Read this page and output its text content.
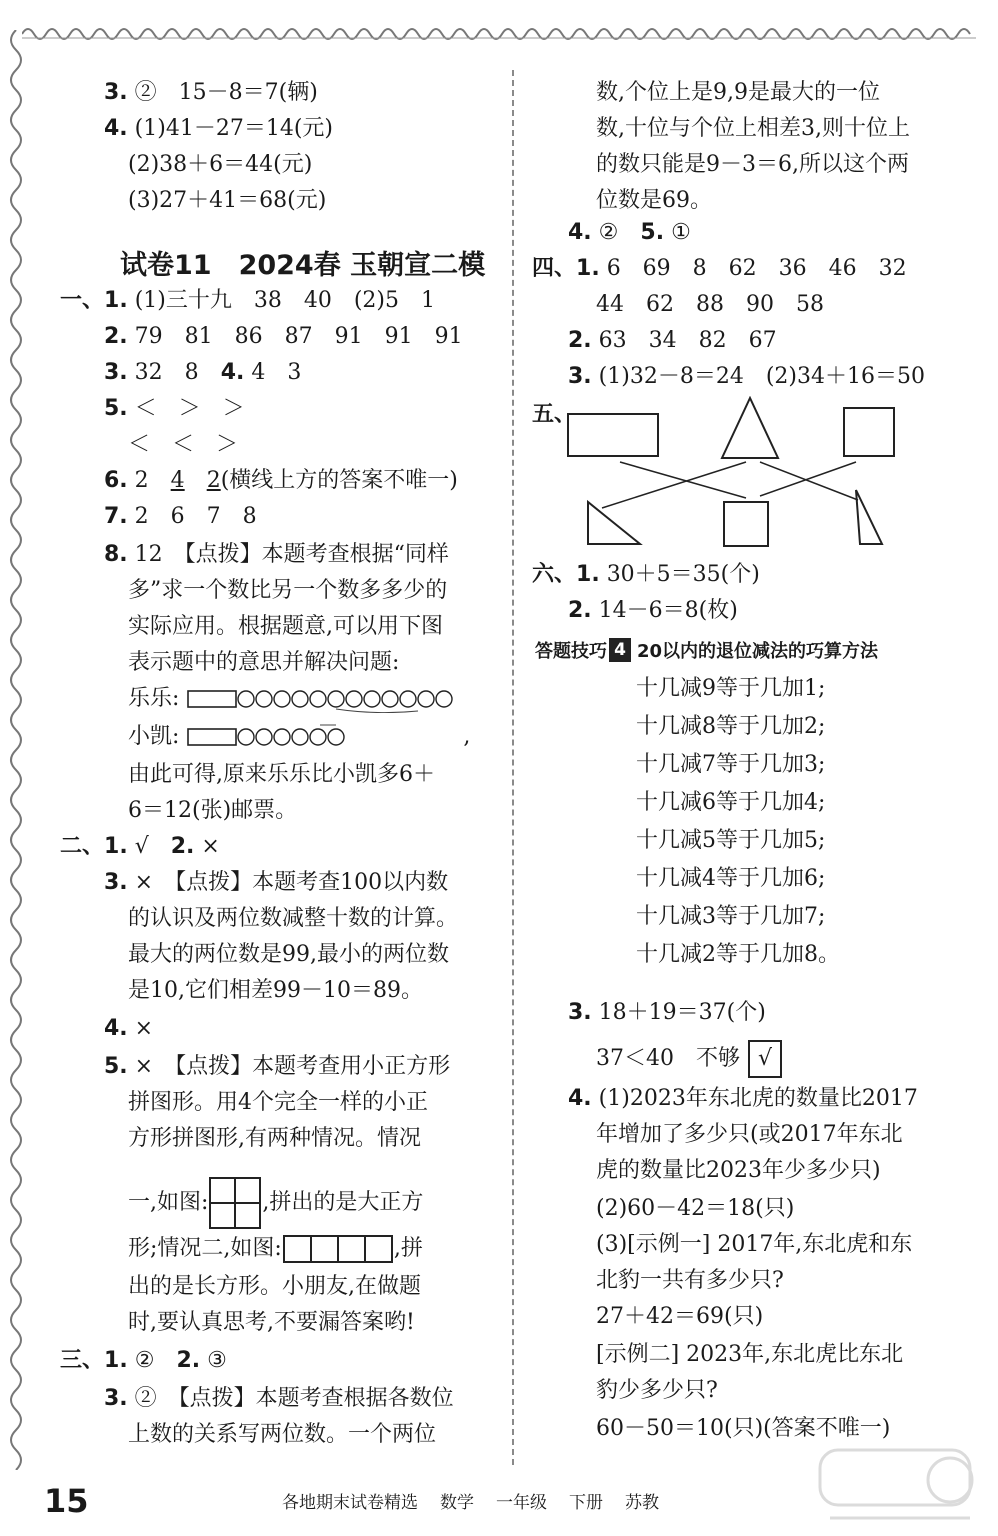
3. ②　15－8＝7(辆)
4. (1)41－27＝14(元)
(2)38＋6＝44(元)
(3)27＋41＝68(元)
试卷11　2024春 玉朝宣二模
一、1. (1)三十九　38　40　(2)5　1
2. 79　81　86　87　91　91　91
3. 32　8　 4. 4　3
5. ＜　＞　＞
＜　＜　＞
6. 2　4　 2(横线上方的答案不唯一)
7. 2　6　7　8
8. 12　【点拨】本题考查根据“同样
多”求一个数比另一个数多多少的
实际应用。根据题意,可以用下图
表示题中的意思并解决问题:
乐乐:
小凯:	,
由此可得,原来乐乐比小凯多6＋
6＝12(张)邮票。
二、1. √　 2. ×
3. ×　【点拨】本题考查100以内数
的认识及两位数减整十数的计算。
最大的两位数是99,最小的两位数
是10,它们相差99－10＝89。
4. ×
5. ×　【点拨】本题考查用小正方形
拼图形。用4个完全一样的小正
方形拼图形,有两种情况。情况
一,如图: ,拼出的是大正方
形;情况二,如图:	,拼
出的是长方形。小朋友,在做题
时,要认真思考,不要漏答案哟!
三、1. ②　 2. ③
3. ②　【点拨】本题考查根据各数位
上数的关系写两位数。一个两位
数,个位上是9,9是最大的一位
数,十位与个位上相差3,则十位上
的数只能是9－3＝6,所以这个两
位数是69。
4. ②　 5. ①
四、1. 6　69　8　62　36　46　32
44　62　88　90　58
2. 63　34　82　67
3. (1)32－8＝24　(2)34＋16＝50
五、
六、1. 30＋5＝35(个)
2. 14－6＝8(枚)
答题技巧 4 20以内的退位减法的巧算方法
十几减9等于几加1;
十几减8等于几加2;
十几减7等于几加3;
十几减6等于几加4;
十几减5等于几加5;
十几减4等于几加6;
十几减3等于几加7;
十几减2等于几加8。
3. 18＋19＝37(个)
37＜40　不够 √
4. (1)2023年东北虎的数量比2017
年增加了多少只(或2017年东北
虎的数量比2023年少多少只)
(2)60－42＝18(只)
(3)[示例一] 2017年,东北虎和东
北豹一共有多少只?
27＋42＝69(只)
[示例二] 2023年,东北虎比东北
豹少多少只?
60－50＝10(只)(答案不唯一)
15	各地期末试卷精选 数学 一年级 下册 苏教
